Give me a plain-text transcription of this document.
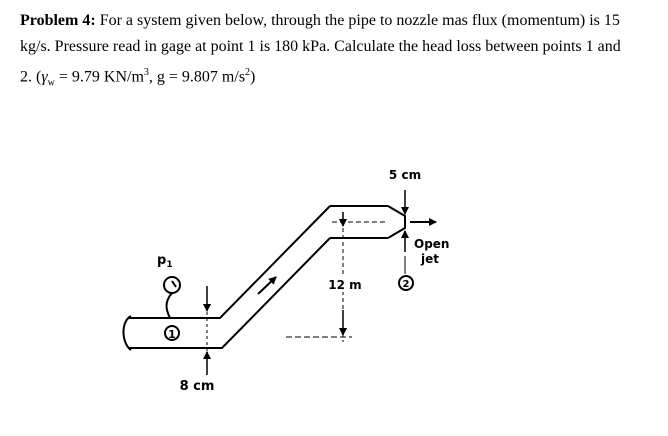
Problem 4: For a system given below, through the pipe to nozzle mas flux (momentum) is 15

kg/s. Pressure read in gage at point 1 is 180 kPa. Calculate the head loss between points 1 and

2. ($\gamma_w = 9.79$ $KN/m^3$, g = 9.807 $m/s^2$)

1
8 cm
$p_1$
12 m
5 cm
Open
jet
2
